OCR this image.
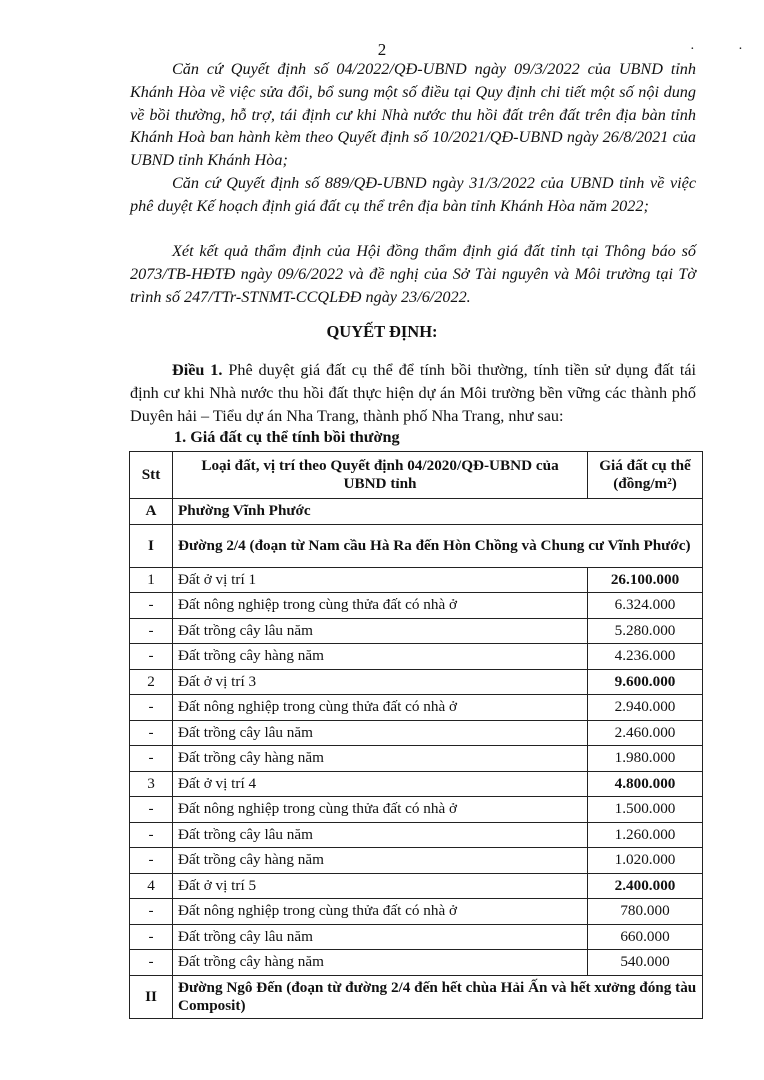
2	· ·
Căn cứ Quyết định số 04/2022/QĐ-UBND ngày 09/3/2022 của UBND tỉnh Khánh Hòa về việc sửa đổi, bổ sung một số điều tại Quy định chi tiết một số nội dung về bồi thường, hỗ trợ, tái định cư khi Nhà nước thu hồi đất trên đất trên địa bàn tỉnh Khánh Hoà ban hành kèm theo Quyết định số 10/2021/QĐ-UBND ngày 26/8/2021 của UBND tỉnh Khánh Hòa;
Căn cứ Quyết định số 889/QĐ-UBND ngày 31/3/2022 của UBND tỉnh về việc phê duyệt Kế hoạch định giá đất cụ thể trên địa bàn tỉnh Khánh Hòa năm 2022;
Xét kết quả thẩm định của Hội đồng thẩm định giá đất tỉnh tại Thông báo số 2073/TB-HĐTĐ ngày 09/6/2022 và đề nghị của Sở Tài nguyên và Môi trường tại Tờ trình số 247/TTr-STNMT-CCQLĐĐ ngày 23/6/2022.
QUYẾT ĐỊNH:
Điều 1. Phê duyệt giá đất cụ thể để tính bồi thường, tính tiền sử dụng đất tái định cư khi Nhà nước thu hồi đất thực hiện dự án Môi trường bền vững các thành phố Duyên hải – Tiểu dự án Nha Trang, thành phố Nha Trang, như sau:
1. Giá đất cụ thể tính bồi thường
Stt	Loại đất, vị trí theo Quyết định 04/2020/QĐ-UBND của UBND tỉnh	Giá đất cụ thể (đồng/m²)
A	Phường Vĩnh Phước	
I	Đường 2/4 (đoạn từ Nam cầu Hà Ra đến Hòn Chồng và Chung cư Vĩnh Phước)	
1	Đất ở vị trí 1	26.100.000
-	Đất nông nghiệp trong cùng thửa đất có nhà ở	6.324.000
-	Đất trồng cây lâu năm	5.280.000
-	Đất trồng cây hàng năm	4.236.000
2	Đất ở vị trí 3	9.600.000
-	Đất nông nghiệp trong cùng thửa đất có nhà ở	2.940.000
-	Đất trồng cây lâu năm	2.460.000
-	Đất trồng cây hàng năm	1.980.000
3	Đất ở vị trí 4	4.800.000
-	Đất nông nghiệp trong cùng thửa đất có nhà ở	1.500.000
-	Đất trồng cây lâu năm	1.260.000
-	Đất trồng cây hàng năm	1.020.000
4	Đất ở vị trí 5	2.400.000
-	Đất nông nghiệp trong cùng thửa đất có nhà ở	780.000
-	Đất trồng cây lâu năm	660.000
-	Đất trồng cây hàng năm	540.000
II	Đường Ngô Đến (đoạn từ đường 2/4 đến hết chùa Hải Ấn và hết xưởng đóng tàu Composit)	
